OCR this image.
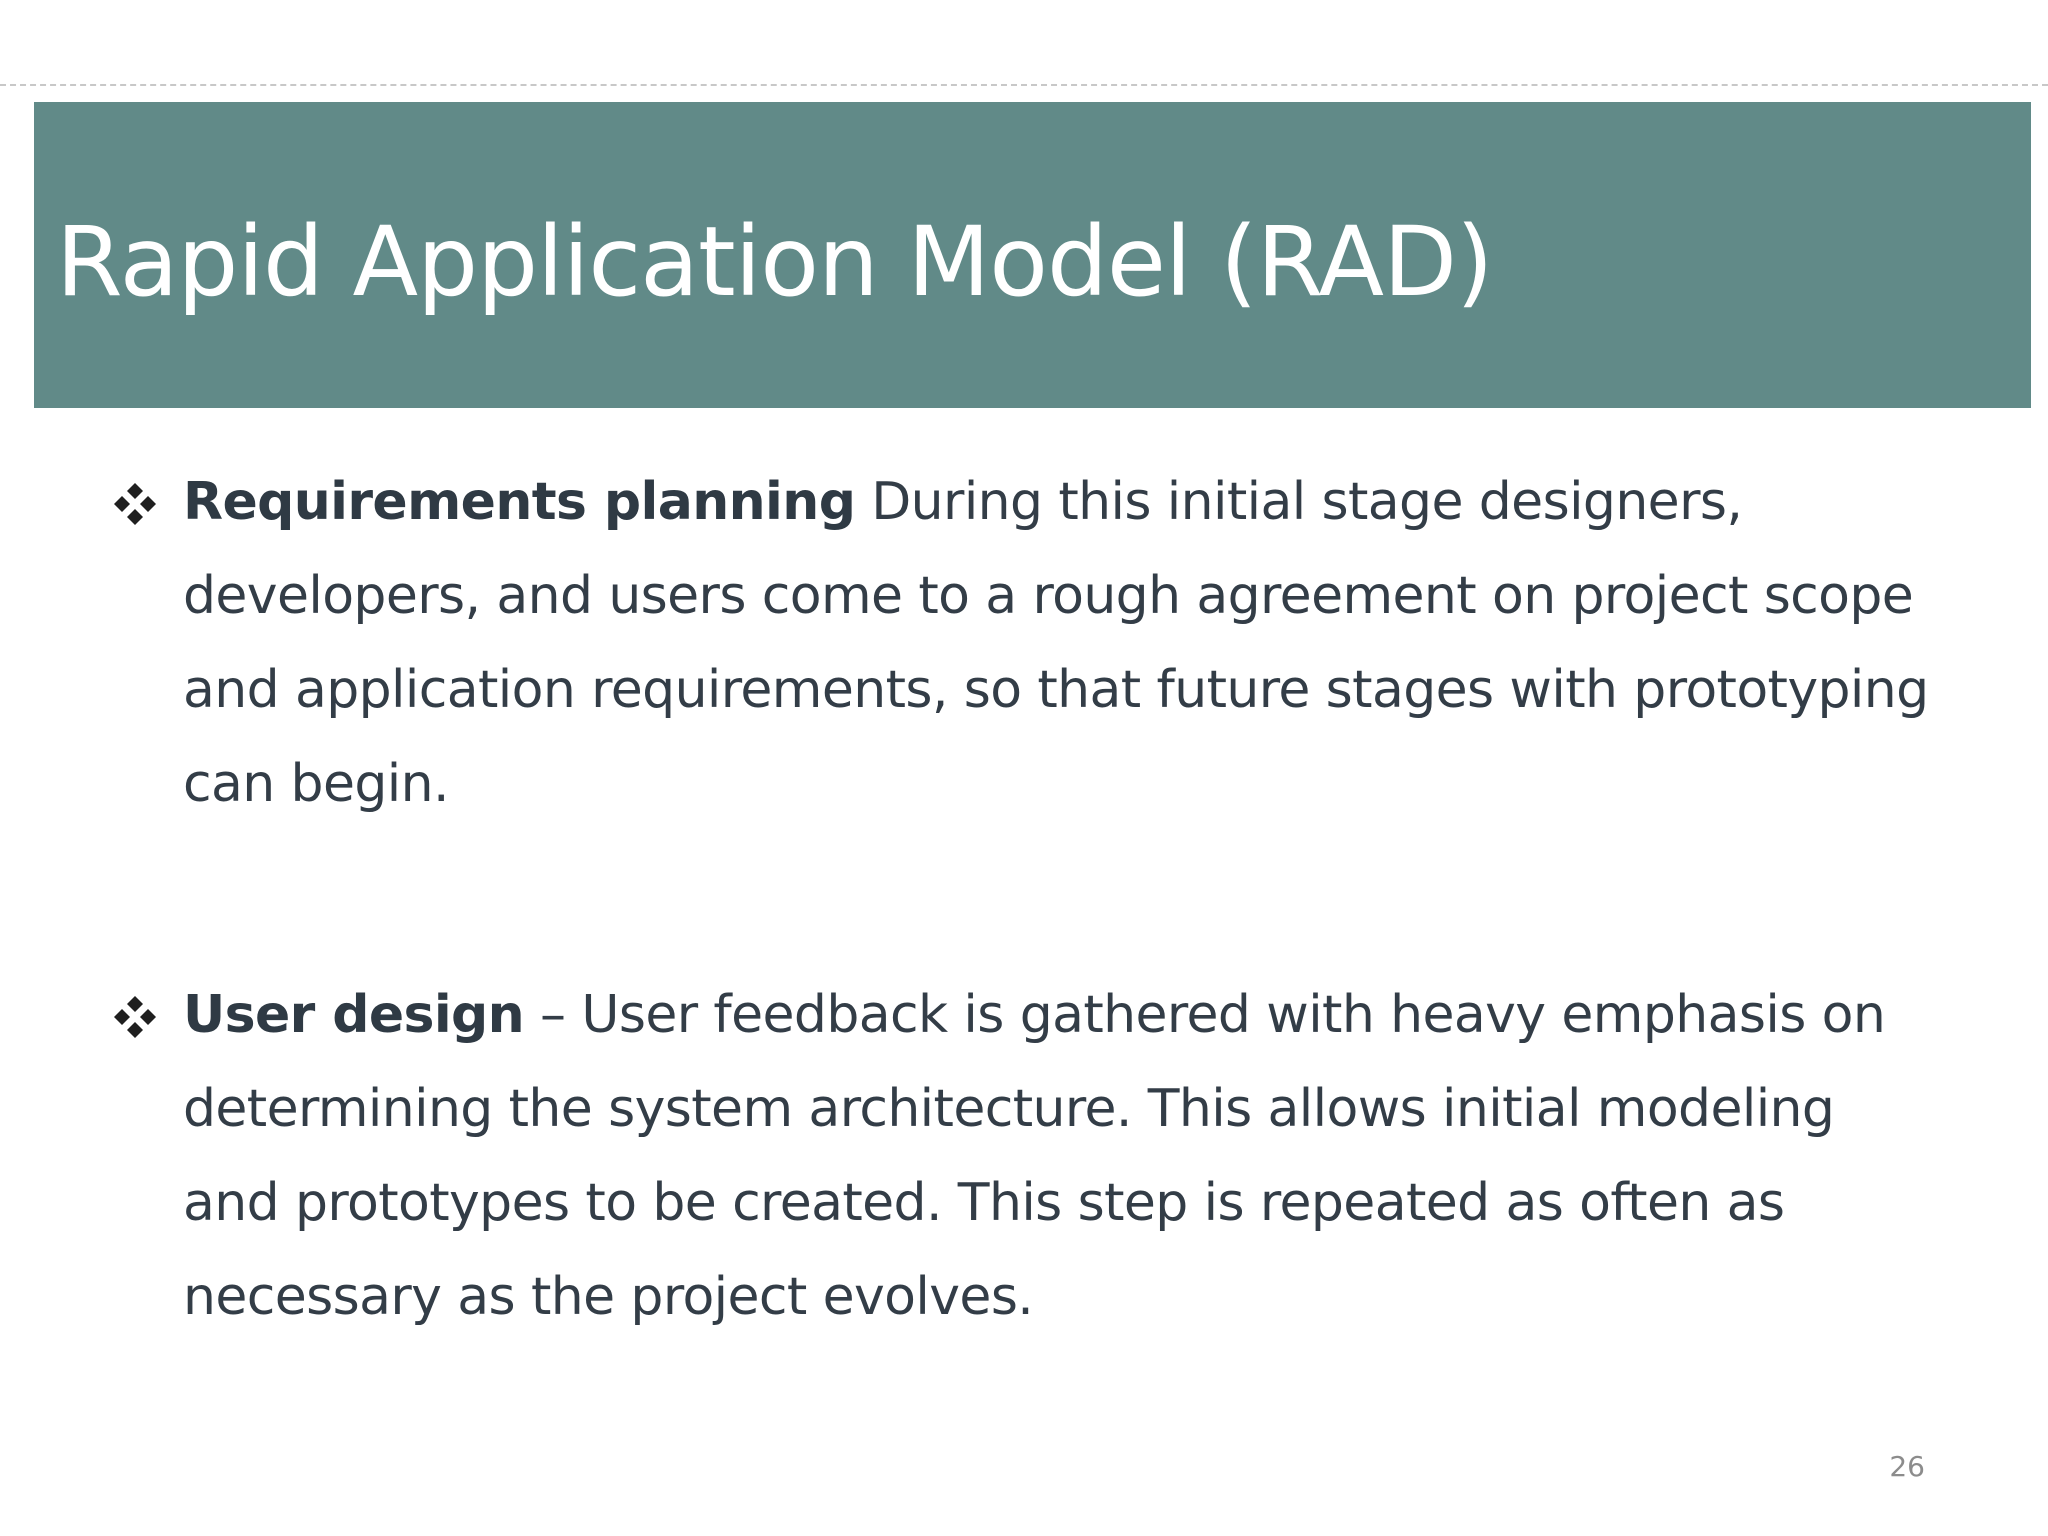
Rapid Application Model (RAD)

Requirements planning During this initial stage designers, developers, and users come to a rough agreement on project scope and application requirements, so that future stages with prototyping can begin.

User design – User feedback is gathered with heavy emphasis on determining the system architecture. This allows initial modeling and prototypes to be created. This step is repeated as often as necessary as the project evolves.

26
